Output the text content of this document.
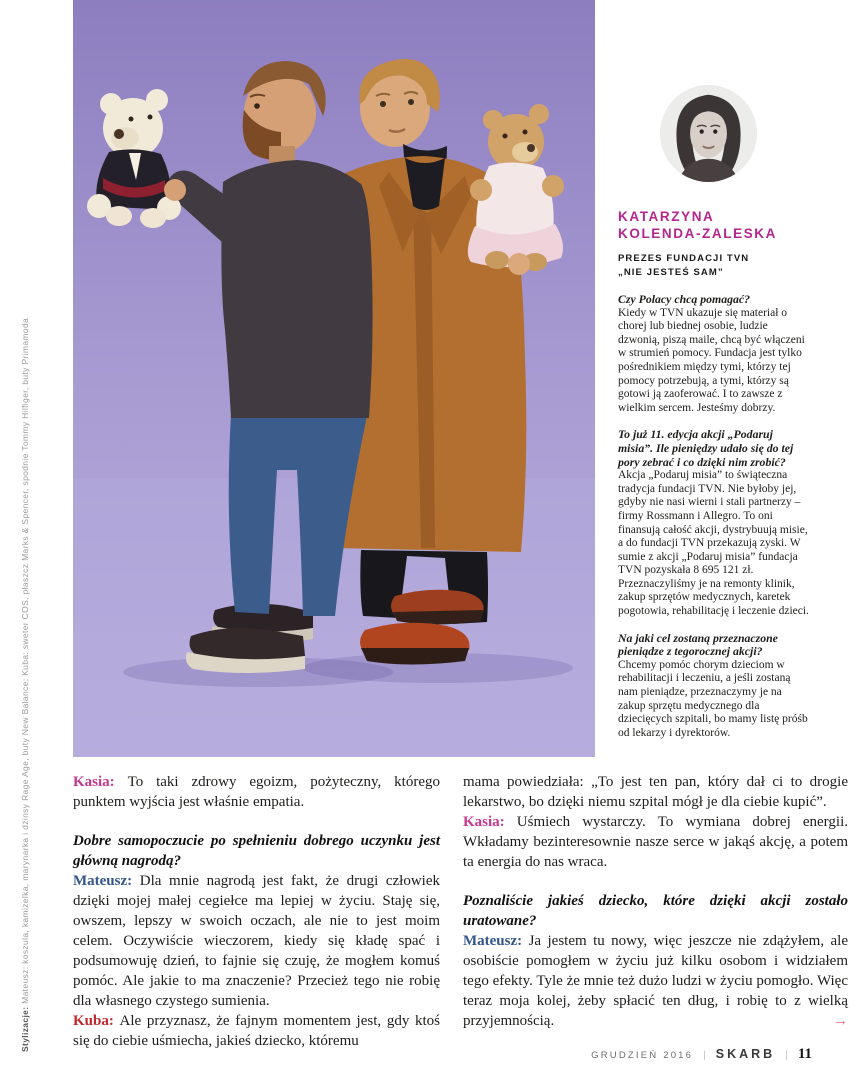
Stylizacje: Mateusz: koszula, kamizelka, marynarka i dżinsy Rage Age, buty New Balance; Kuba: sweter COS, płaszcz Marks & Spencer, spodnie Tommy Hilfiger, buty Primamoda
KATARZYNA
KOLENDA-ZALESKA
PREZES FUNDACJI TVN
„NIE JESTEŚ SAM”

Czy Polacy chcą pomagać?

Kiedy w TVN ukazuje się materiał o chorej lub biednej osobie, ludzie dzwonią, piszą maile, chcą być włączeni w strumień pomocy. Fundacja jest tylko pośrednikiem między tymi, którzy tej pomocy potrzebują, a tymi, którzy są gotowi ją zaoferować. I to zawsze z wielkim sercem. Jesteśmy dobrzy.

To już 11. edycja akcji „Podaruj misia”. Ile pieniędzy udało się do tej pory zebrać i co dzięki nim zrobić?

Akcja „Podaruj misia” to świąteczna tradycja fundacji TVN. Nie byłoby jej, gdyby nie nasi wierni i stali partnerzy – firmy Rossmann i Allegro. To oni finansują całość akcji, dystrybuują misie, a do fundacji TVN przekazują zyski. W sumie z akcji „Podaruj misia” fundacja TVN pozyskała 8 695 121 zł. Przeznaczyliśmy je na remonty klinik, zakup sprzętów medycznych, karetek pogotowia, rehabilitację i leczenie dzieci.

Na jaki cel zostaną przeznaczone pieniądze z tegorocznej akcji?

Chcemy pomóc chorym dzieciom w rehabilitacji i leczeniu, a jeśli zostaną nam pieniądze, przeznaczymy je na zakup sprzętu medycznego dla dziecięcych szpitali, bo mamy listę próśb od lekarzy i dyrektorów.

Kasia: To taki zdrowy egoizm, pożyteczny, którego punktem wyjścia jest właśnie empatia.

Dobre samopoczucie po spełnieniu dobrego uczynku jest główną nagrodą?

Mateusz: Dla mnie nagrodą jest fakt, że drugi człowiek dzięki mojej małej cegiełce ma lepiej w życiu. Staję się, owszem, lepszy w swoich oczach, ale nie to jest moim celem. Oczywiście wieczorem, kiedy się kładę spać i podsumowuję dzień, to fajnie się czuję, że mogłem komuś pomóc. Ale jakie to ma znaczenie? Przecież tego nie robię dla własnego czystego sumienia.

Kuba: Ale przyznasz, że fajnym momentem jest, gdy ktoś się do ciebie uśmiecha, jakieś dziecko, któremu

mama powiedziała: „To jest ten pan, który dał ci to drogie lekarstwo, bo dzięki niemu szpital mógł je dla ciebie kupić”.

Kasia: Uśmiech wystarczy. To wymiana dobrej energii. Wkładamy bezinteresownie nasze serce w jakąś akcję, a potem ta energia do nas wraca.

Poznaliście jakieś dziecko, które dzięki akcji zostało uratowane?

Mateusz: Ja jestem tu nowy, więc jeszcze nie zdążyłem, ale osobiście pomogłem w życiu już kilku osobom i widziałem tego efekty. Tyle że mnie też dużo ludzi w życiu pomogło. Więc teraz moja kolej, żeby spłacić ten dług, i robię to z wielką przyjemnością.	→

GRUDZIEŃ 2016 | SKARB | 11
